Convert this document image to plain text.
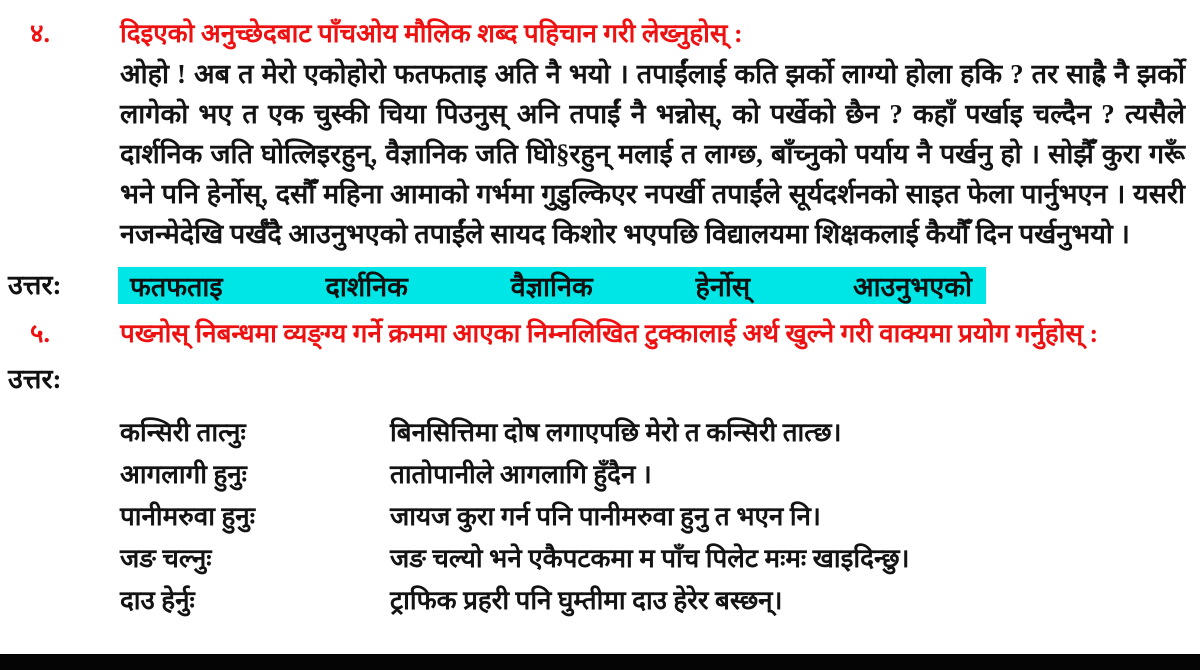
४.	दिइएको अनुच्छेदबाट पाँचओय मौलिक शब्द पहिचान गरी लेख्नुहोस् :
ओहो ! अब त मेरो एकोहोरो फतफताइ अति नै भयो । तपाईंलाई कति झर्को लाग्यो होला हकि ? तर साह्रै नै झर्को लागेको भए त एक चुस्की चिया पिउनुस् अनि तपाईं नै भन्नोस्, को पर्खेको छैन ? कहाँ पर्खाइ चल्दैन ? त्यसैले दार्शनिक जति घोत्लिइरहुन्, वैज्ञानिक जति घोि§रहुन् मलाई त लाग्छ, बाँच्नुको पर्याय नै पर्खनु हो । सोझैँ कुरा गरूँ भने पनि हेर्नोस्, दसौँ महिना आमाको गर्भमा गुडुल्किएर नपर्खी तपाईंले सूर्यदर्शनको साइत फेला पार्नुभएन । यसरी नजन्मेदेखि पर्खँदै आउनुभएको तपाईंले सायद किशोर भएपछि विद्यालयमा शिक्षकलाई कैयौँ दिन पर्खनुभयो ।
उत्तर:	फतफताइ	दार्शनिक	वैज्ञानिक	हेर्नोस्	आउनुभएको
५.	पख्नोस् निबन्धमा व्यङ्ग्य गर्ने क्रममा आएका निम्नलिखित टुक्कालाई अर्थ खुल्ने गरी वाक्यमा प्रयोग गर्नुहोस् :
उत्तर:
कन्सिरी तात्नुः	बिनसित्तिमा दोष लगाएपछि मेरो त कन्सिरी तात्छ।
आगलागी हुनुः	तातोपानीले आगलागि हुँदैन ।
पानीमरुवा हुनुः	जायज कुरा गर्न पनि पानीमरुवा हुनु त भएन नि।
जङ चल्नुः	जङ चल्यो भने एकैपटकमा म पाँच पिलेट मःमः खाइदिन्छु।
दाउ हेर्नुः	ट्राफिक प्रहरी पनि घुम्तीमा दाउ हेरेर बस्छन्।
